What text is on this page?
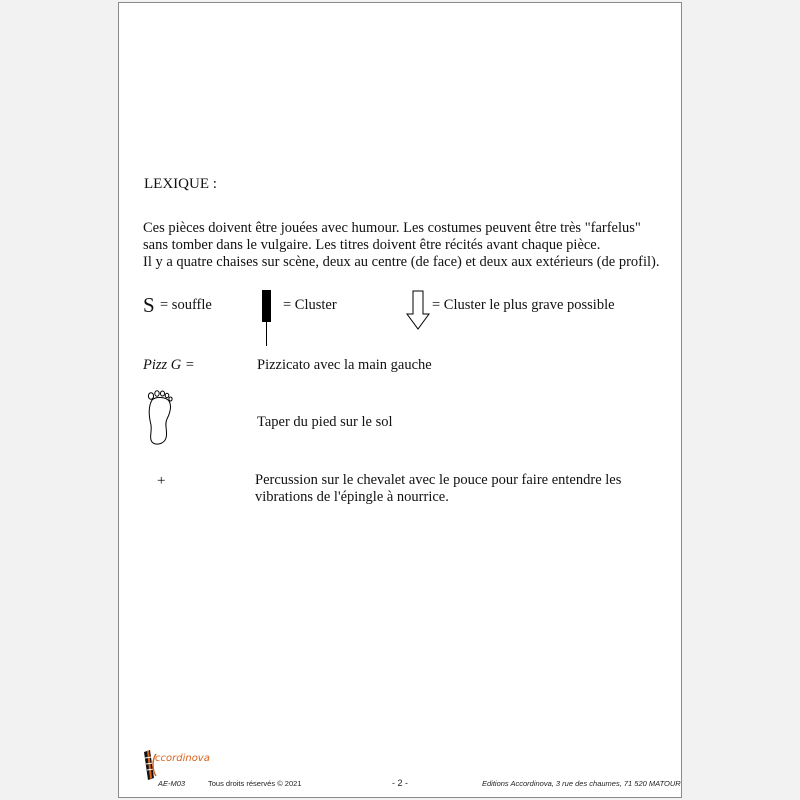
LEXIQUE :
Ces pièces doivent être jouées avec humour. Les costumes peuvent être très "farfelus"
sans tomber dans le vulgaire. Les titres doivent être récités avant chaque pièce.
Il y a quatre chaises sur scène, deux au centre (de face) et deux aux extérieurs (de profil).
S = souffle	= Cluster	= Cluster le plus grave possible
Pizz G =	Pizzicato avec la main gauche
Taper du pied sur le sol
+	Percussion sur le chevalet avec le pouce pour faire entendre les
vibrations de l'épingle à nourrice.
ccordinova
AE-M03	Tous droits réservés © 2021	- 2 -	Editions Accordinova, 3 rue des chaumes, 71 520 MATOUR
